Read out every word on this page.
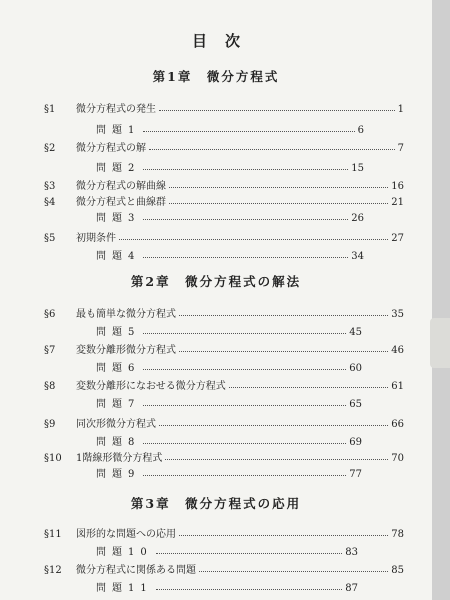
目次
第1章　微分方程式
§1	微分方程式の発生	1
問題1	6
§2	微分方程式の解	7
問題2	15
§3	微分方程式の解曲線	16
§4	微分方程式と曲線群	21
問題3	26
§5	初期条件	27
問題4	34
第2章　微分方程式の解法
§6	最も簡単な微分方程式	35
問題5	45
§7	変数分離形微分方程式	46
問題6	60
§8	変数分離形になおせる微分方程式	61
問題7	65
§9	同次形微分方程式	66
問題8	69
§10	1階線形微分方程式	70
問題9	77
第3章　微分方程式の応用
§11	図形的な問題への応用	78
問題10	83
§12	微分方程式に関係ある問題	85
問題11	87
